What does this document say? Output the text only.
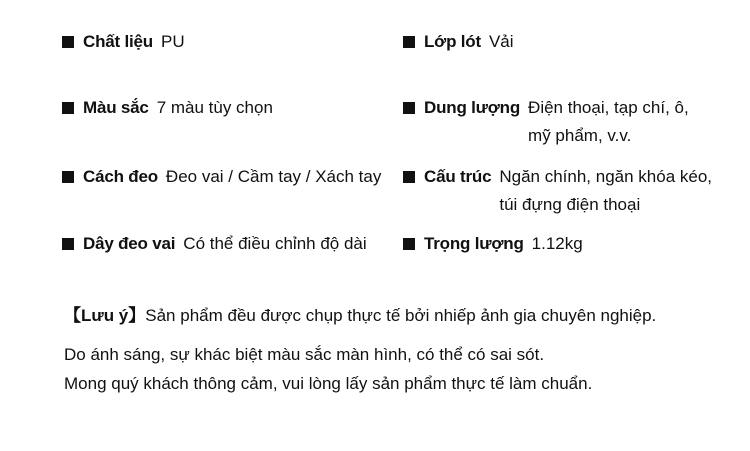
Chất liệu PU
Màu sắc 7 màu tùy chọn
Cách đeo Đeo vai / Cầm tay / Xách tay
Dây đeo vai Có thể điều chỉnh độ dài
Lớp lót Vải
Dung lượng Điện thoại, tạp chí, ô,
mỹ phẩm, v.v.
Cấu trúc Ngăn chính, ngăn khóa kéo,
túi đựng điện thoại
Trọng lượng 1.12kg
【Lưu ý】Sản phẩm đều được chụp thực tế bởi nhiếp ảnh gia chuyên nghiệp.
Do ánh sáng, sự khác biệt màu sắc màn hình, có thể có sai sót.
Mong quý khách thông cảm, vui lòng lấy sản phẩm thực tế làm chuẩn.
